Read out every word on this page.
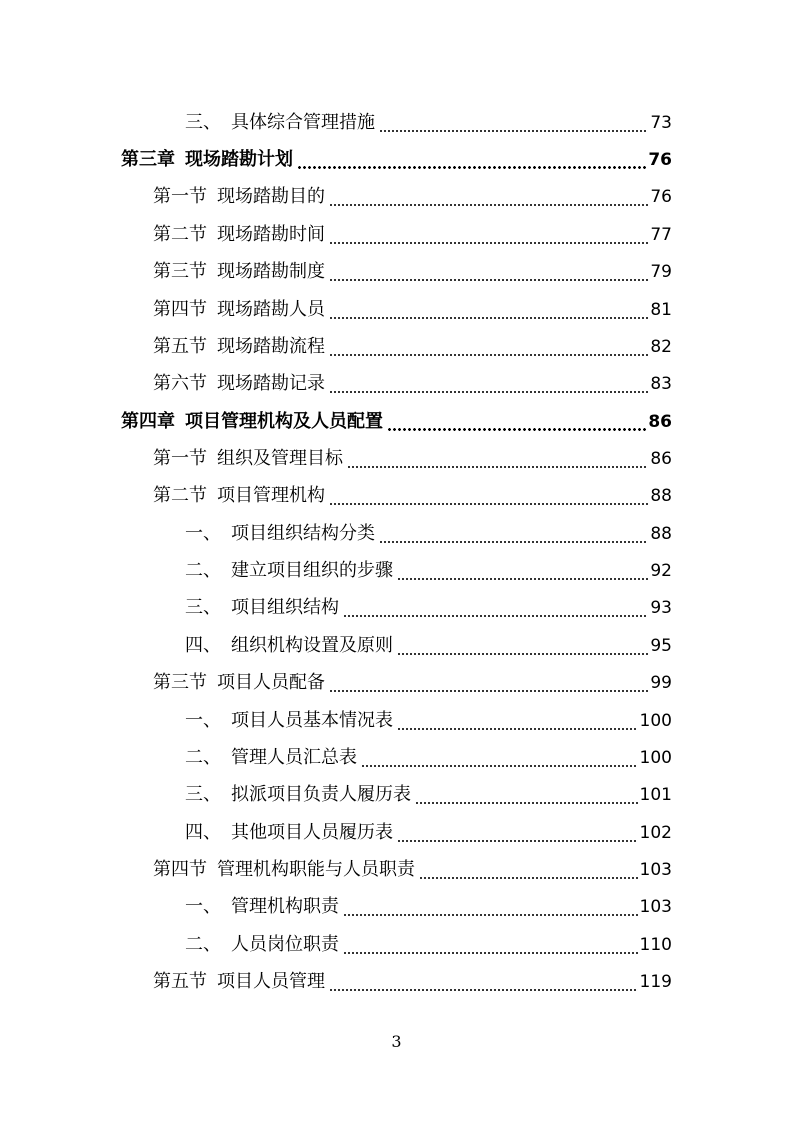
三、 具体综合管理措施	73
第三章 现场踏勘计划	76
第一节 现场踏勘目的	76
第二节 现场踏勘时间	77
第三节 现场踏勘制度	79
第四节 现场踏勘人员	81
第五节 现场踏勘流程	82
第六节 现场踏勘记录	83
第四章 项目管理机构及人员配置	86
第一节 组织及管理目标	86
第二节 项目管理机构	88
一、 项目组织结构分类	88
二、 建立项目组织的步骤	92
三、 项目组织结构	93
四、 组织机构设置及原则	95
第三节 项目人员配备	99
一、 项目人员基本情况表	100
二、 管理人员汇总表	100
三、 拟派项目负责人履历表	101
四、 其他项目人员履历表	102
第四节 管理机构职能与人员职责	103
一、 管理机构职责	103
二、 人员岗位职责	110
第五节 项目人员管理	119
3
